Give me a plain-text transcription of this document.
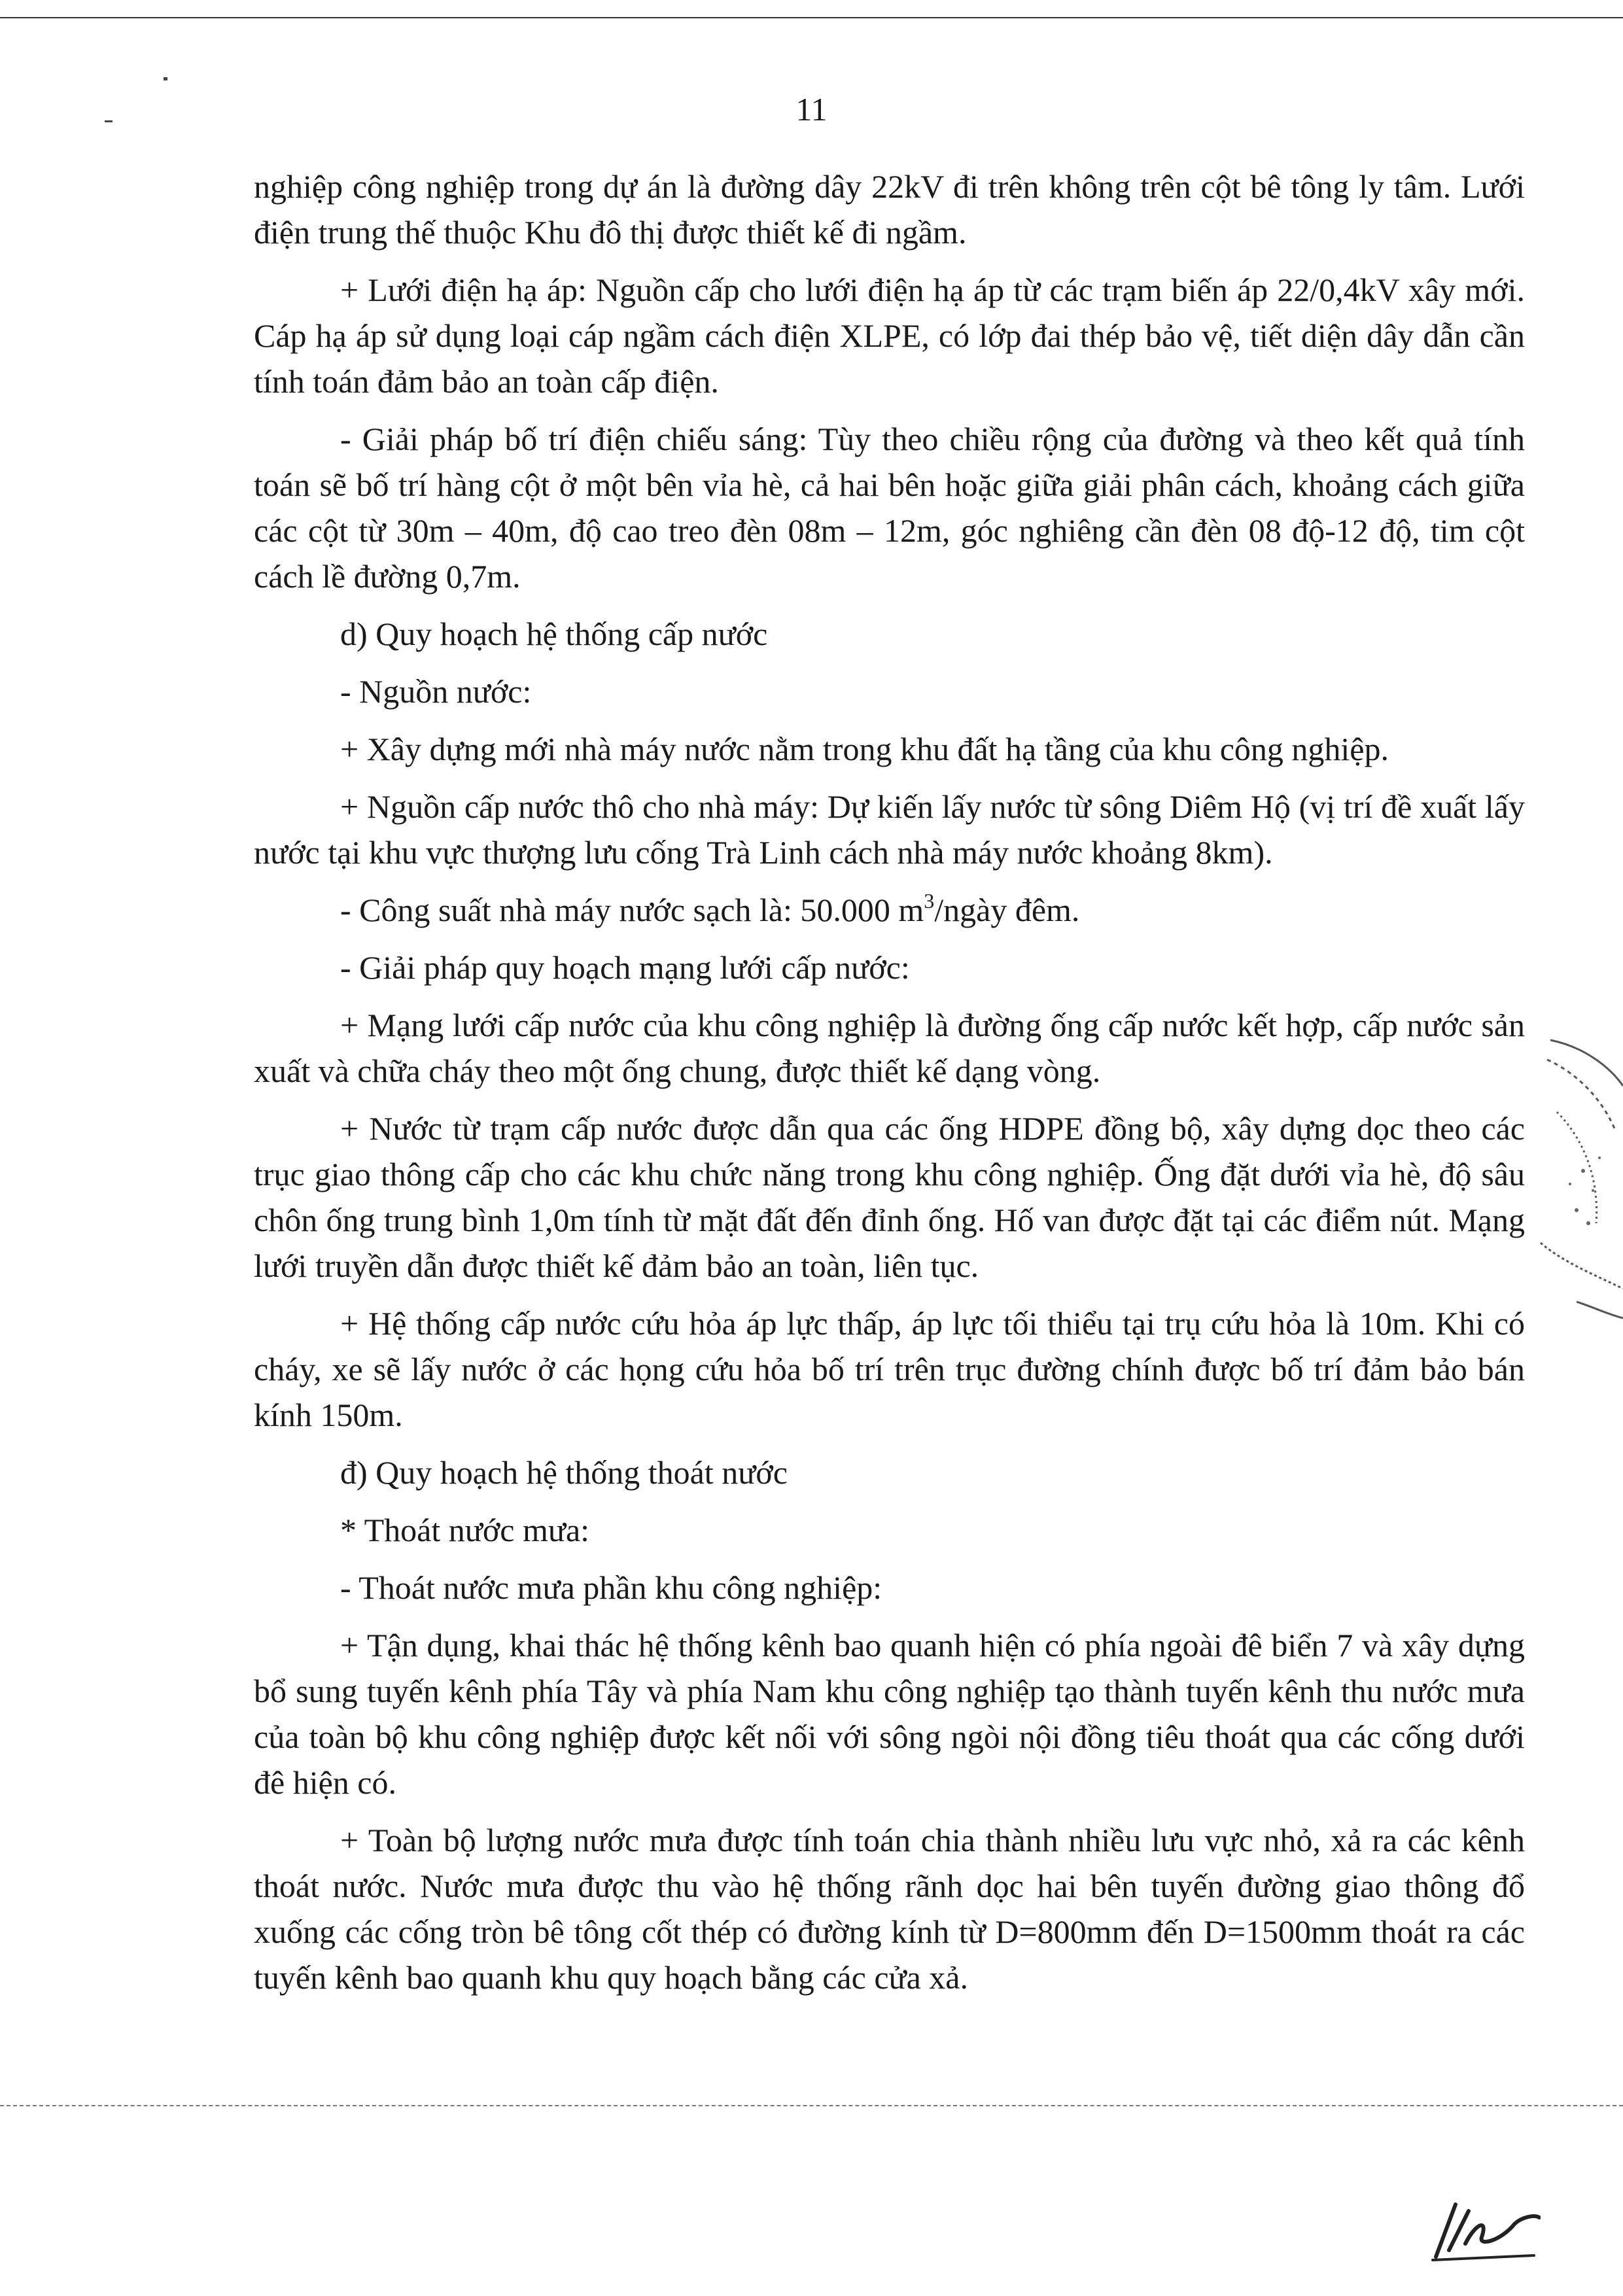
11

nghiệp công nghiệp trong dự án là đường dây 22kV đi trên không trên cột bê tông ly tâm. Lưới điện trung thế thuộc Khu đô thị được thiết kế đi ngầm.

+ Lưới điện hạ áp: Nguồn cấp cho lưới điện hạ áp từ các trạm biến áp 22/0,4kV xây mới. Cáp hạ áp sử dụng loại cáp ngầm cách điện XLPE, có lớp đai thép bảo vệ, tiết diện dây dẫn cần tính toán đảm bảo an toàn cấp điện.

- Giải pháp bố trí điện chiếu sáng: Tùy theo chiều rộng của đường và theo kết quả tính toán sẽ bố trí hàng cột ở một bên vỉa hè, cả hai bên hoặc giữa giải phân cách, khoảng cách giữa các cột từ 30m – 40m, độ cao treo đèn 08m – 12m, góc nghiêng cần đèn 08 độ-12 độ, tim cột cách lề đường 0,7m.

d) Quy hoạch hệ thống cấp nước

- Nguồn nước:

+ Xây dựng mới nhà máy nước nằm trong khu đất hạ tầng của khu công nghiệp.

+ Nguồn cấp nước thô cho nhà máy: Dự kiến lấy nước từ sông Diêm Hộ (vị trí đề xuất lấy nước tại khu vực thượng lưu cống Trà Linh cách nhà máy nước khoảng 8km).

- Công suất nhà máy nước sạch là: 50.000 $m^3$/ngày đêm.

- Giải pháp quy hoạch mạng lưới cấp nước:

+ Mạng lưới cấp nước của khu công nghiệp là đường ống cấp nước kết hợp, cấp nước sản xuất và chữa cháy theo một ống chung, được thiết kế dạng vòng.

+ Nước từ trạm cấp nước được dẫn qua các ống HDPE đồng bộ, xây dựng dọc theo các trục giao thông cấp cho các khu chức năng trong khu công nghiệp. Ống đặt dưới vỉa hè, độ sâu chôn ống trung bình 1,0m tính từ mặt đất đến đỉnh ống. Hố van được đặt tại các điểm nút. Mạng lưới truyền dẫn được thiết kế đảm bảo an toàn, liên tục.

+ Hệ thống cấp nước cứu hỏa áp lực thấp, áp lực tối thiểu tại trụ cứu hỏa là 10m. Khi có cháy, xe sẽ lấy nước ở các họng cứu hỏa bố trí trên trục đường chính được bố trí đảm bảo bán kính 150m.

đ) Quy hoạch hệ thống thoát nước

* Thoát nước mưa:

- Thoát nước mưa phần khu công nghiệp:

+ Tận dụng, khai thác hệ thống kênh bao quanh hiện có phía ngoài đê biển 7 và xây dựng bổ sung tuyến kênh phía Tây và phía Nam khu công nghiệp tạo thành tuyến kênh thu nước mưa của toàn bộ khu công nghiệp được kết nối với sông ngòi nội đồng tiêu thoát qua các cống dưới đê hiện có.

+ Toàn bộ lượng nước mưa được tính toán chia thành nhiều lưu vực nhỏ, xả ra các kênh thoát nước. Nước mưa được thu vào hệ thống rãnh dọc hai bên tuyến đường giao thông đổ xuống các cống tròn bê tông cốt thép có đường kính từ D=800mm đến D=1500mm thoát ra các tuyến kênh bao quanh khu quy hoạch bằng các cửa xả.
